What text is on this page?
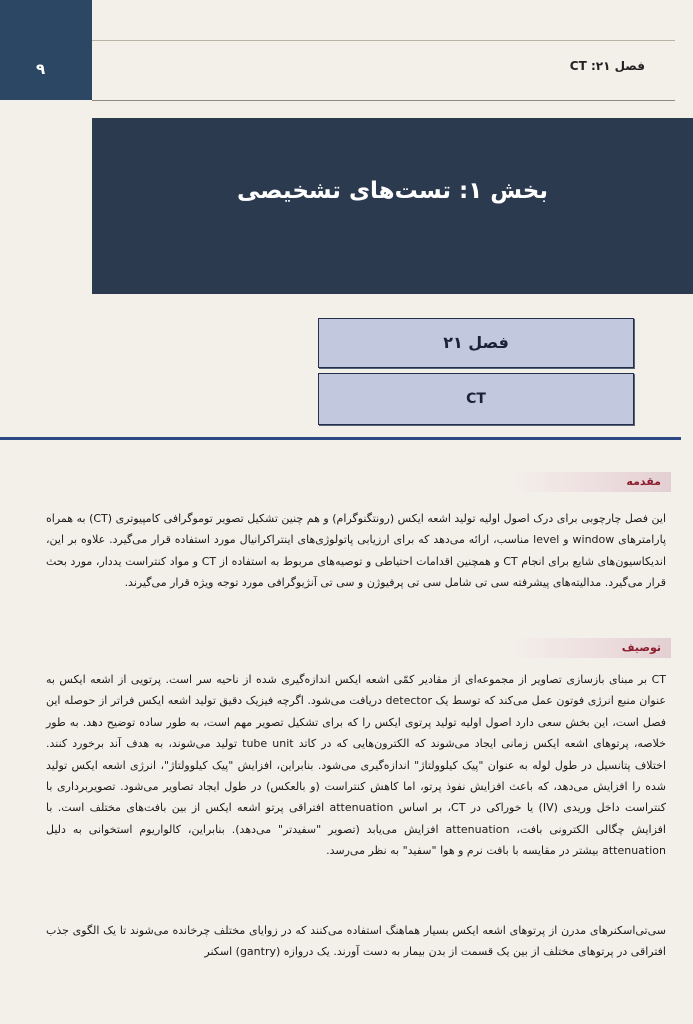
۹	فصل ۲۱: CT
بخش ۱: تست‌های تشخیصی
فصل ۲۱
CT
مقدمه

این فصل چارچوبی برای درک اصول اولیه تولید اشعه ایکس (رونتگنوگرام) و هم چنین تشکیل تصویر توموگرافی کامپیوتری (CT) به همراه پارامترهای window و level مناسب، ارائه می‌دهد که برای ارزیابی پاتولوژی‌های اینتراکرانیال مورد استفاده قرار می‌گیرد. علاوه بر این، اندیکاسیون‌های شایع برای انجام CT و همچنین اقدامات احتیاطی و توصیه‌های مربوط به استفاده از CT و مواد کنتراست یددار، مورد بحث قرار می‌گیرد. مدالیته‌های پیشرفته سی تی شامل سی تی پرفیوژن و سی تی آنژیوگرافی مورد توجه ویژه قرار می‌گیرند.

توصیف

CT بر مبنای بازسازی تصاویر از مجموعه‌ای از مقادیر کمّی اشعه ایکس اندازه‌گیری شده از ناحیه سر است. پرتویی از اشعه ایکس به عنوان منبع انرژی فوتون عمل می‌کند که توسط یک detector دریافت می‌شود. اگرچه فیزیک دقیق تولید اشعه ایکس فراتر از حوصله این فصل است، این بخش سعی دارد اصول اولیه تولید پرتوی ایکس را که برای تشکیل تصویر مهم است، به طور ساده توضیح دهد. به طور خلاصه، پرتوهای اشعه ایکس زمانی ایجاد می‌شوند که الکترون‌هایی که در کاتد tube unit تولید می‌شوند، به هدف آند برخورد کنند. اختلاف پتانسیل در طول لوله به عنوان "پیک کیلوولتاژ" اندازه‌گیری می‌شود. بنابراین، افزایش "پیک کیلوولتاژ"، انرژی اشعه ایکس تولید شده را افزایش می‌دهد، که باعث افزایش نفوذ پرتو، اما کاهش کنتراست (و بالعکس) در طول ایجاد تصاویر می‌شود. تصویربرداری با کنتراست داخل وریدی (IV) یا خوراکی در CT، بر اساس attenuation افتراقی پرتو اشعه ایکس از بین بافت‌های مختلف است. با افزایش چگالی الکترونی بافت، attenuation افزایش می‌یابد (تصویر "سفیدتر" می‌دهد). بنابراین، کالواریوم استخوانی به دلیل attenuation بیشتر در مقایسه با بافت نرم و هوا "سفید" به نظر می‌رسد.

سی‌تی‌اسکنرهای مدرن از پرتوهای اشعه ایکس بسیار هماهنگ استفاده می‌کنند که در زوایای مختلف چرخانده می‌شوند تا یک الگوی جذب افتراقی در پرتوهای مختلف از بین یک قسمت از بدن بیمار به دست آورند. یک دروازه (gantry) اسکنر
